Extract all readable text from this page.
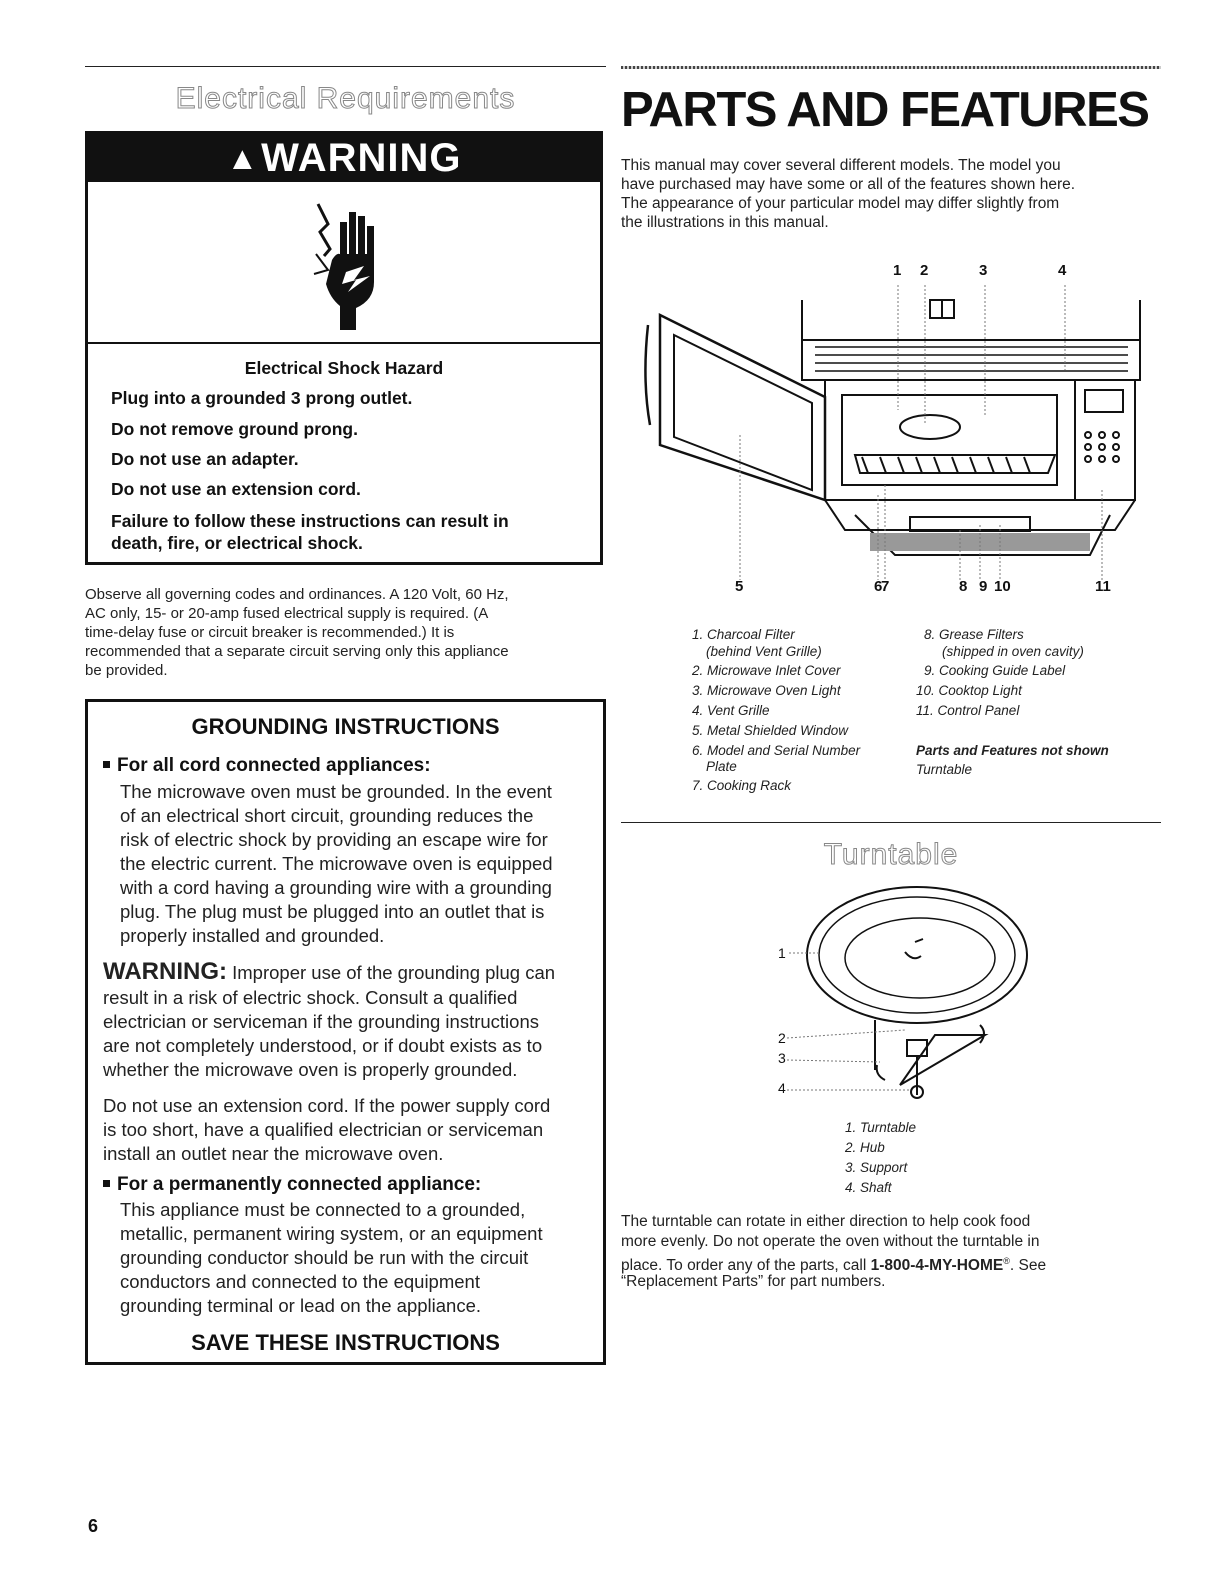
Electrical Requirements
▲WARNING
Electrical Shock Hazard
Plug into a grounded 3 prong outlet.
Do not remove ground prong.
Do not use an adapter.
Do not use an extension cord.
Failure to follow these instructions can result in
death, fire, or electrical shock.
Observe all governing codes and ordinances. A 120 Volt, 60 Hz,
AC only, 15- or 20-amp fused electrical supply is required. (A
time-delay fuse or circuit breaker is recommended.) It is
recommended that a separate circuit serving only this appliance
be provided.
GROUNDING INSTRUCTIONS
For all cord connected appliances:
The microwave oven must be grounded. In the event
of an electrical short circuit, grounding reduces the
risk of electric shock by providing an escape wire for
the electric current. The microwave oven is equipped
with a cord having a grounding wire with a grounding
plug. The plug must be plugged into an outlet that is
properly installed and grounded.
WARNING: Improper use of the grounding plug can
result in a risk of electric shock. Consult a qualified
electrician or serviceman if the grounding instructions
are not completely understood, or if doubt exists as to
whether the microwave oven is properly grounded.
Do not use an extension cord. If the power supply cord
is too short, have a qualified electrician or serviceman
install an outlet near the microwave oven.
For a permanently connected appliance:
This appliance must be connected to a grounded,
metallic, permanent wiring system, or an equipment
grounding conductor should be run with the circuit
conductors and connected to the equipment
grounding terminal or lead on the appliance.
SAVE THESE INSTRUCTIONS
PARTS AND FEATURES
This manual may cover several different models. The model you
have purchased may have some or all of the features shown here.
The appearance of your particular model may differ slightly from
the illustrations in this manual.
1 2	3	4
5	6
7	8 9 10	11
1. Charcoal Filter
(behind Vent Grille)
2. Microwave Inlet Cover
3. Microwave Oven Light
4. Vent Grille
5. Metal Shielded Window
6. Model and Serial Number
Plate
7. Cooking Rack
8. Grease Filters
(shipped in oven cavity)
9. Cooking Guide Label
10. Cooktop Light
11. Control Panel
Parts and Features not shown
Turntable
Turntable
1
2
3
4
1. Turntable
2. Hub
3. Support
4. Shaft
The turntable can rotate in either direction to help cook food
more evenly. Do not operate the oven without the turntable in
place. To order any of the parts, call 1-800-4-MY-HOME®. See
“Replacement Parts” for part numbers.
6
